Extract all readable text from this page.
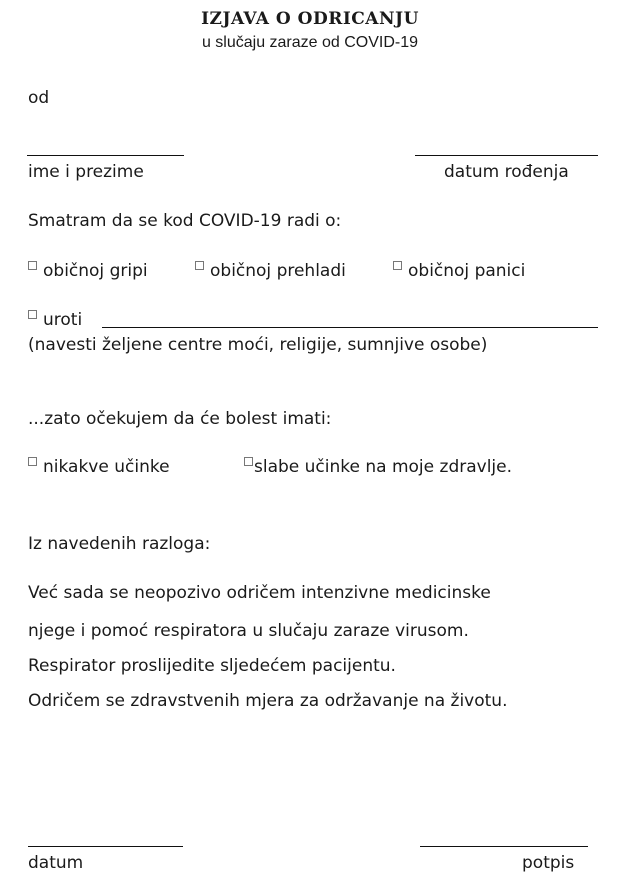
IZJAVA O ODRICANJU
u slučaju zaraze od COVID-19
od
ime i prezime	datum rođenja
Smatram da se kod COVID-19 radi o:
običnoj gripi	običnoj prehladi	običnoj panici
uroti
(navesti željene centre moći, religije, sumnjive osobe)
...zato očekujem da će bolest imati:
nikakve učinke	slabe učinke na moje zdravlje.
Iz navedenih razloga:
Već sada se neopozivo odričem intenzivne medicinske
njege i pomoć respiratora u slučaju zaraze virusom.
Respirator proslijedite sljedećem pacijentu.
Odričem se zdravstvenih mjera za održavanje na životu.
datum	potpis
